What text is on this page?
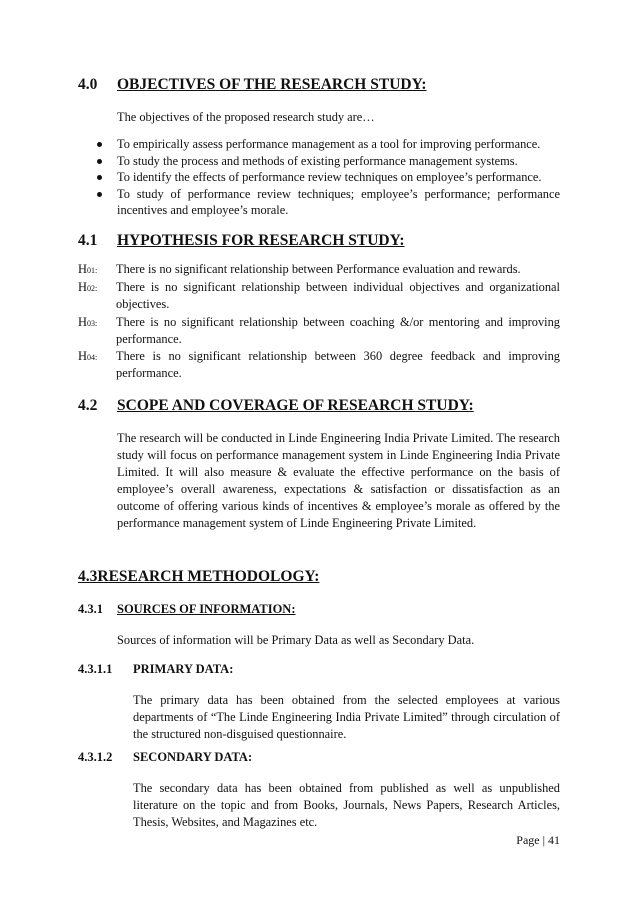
4.0 OBJECTIVES OF THE RESEARCH STUDY:
The objectives of the proposed research study are…
To empirically assess performance management as a tool for improving performance.
To study the process and methods of existing performance management systems.
To identify the effects of performance review techniques on employee’s performance.
To study of performance review techniques; employee’s performance; performance incentives and employee’s morale.
4.1 HYPOTHESIS FOR RESEARCH STUDY:
H01: There is no significant relationship between Performance evaluation and rewards.
H02: There is no significant relationship between individual objectives and organizational objectives.
H03: There is no significant relationship between coaching &/or mentoring and improving performance.
H04: There is no significant relationship between 360 degree feedback and improving performance.
4.2 SCOPE AND COVERAGE OF RESEARCH STUDY:
The research will be conducted in Linde Engineering India Private Limited. The research study will focus on performance management system in Linde Engineering India Private Limited. It will also measure & evaluate the effective performance on the basis of employee’s overall awareness, expectations & satisfaction or dissatisfaction as an outcome of offering various kinds of incentives & employee’s morale as offered by the performance management system of Linde Engineering Private Limited.
4.3RESEARCH METHODOLOGY:
4.3.1 SOURCES OF INFORMATION:
Sources of information will be Primary Data as well as Secondary Data.
4.3.1.1 PRIMARY DATA:
The primary data has been obtained from the selected employees at various departments of “The Linde Engineering India Private Limited” through circulation of the structured non-disguised questionnaire.
4.3.1.2 SECONDARY DATA:
The secondary data has been obtained from published as well as unpublished literature on the topic and from Books, Journals, News Papers, Research Articles, Thesis, Websites, and Magazines etc.
Page | 41
